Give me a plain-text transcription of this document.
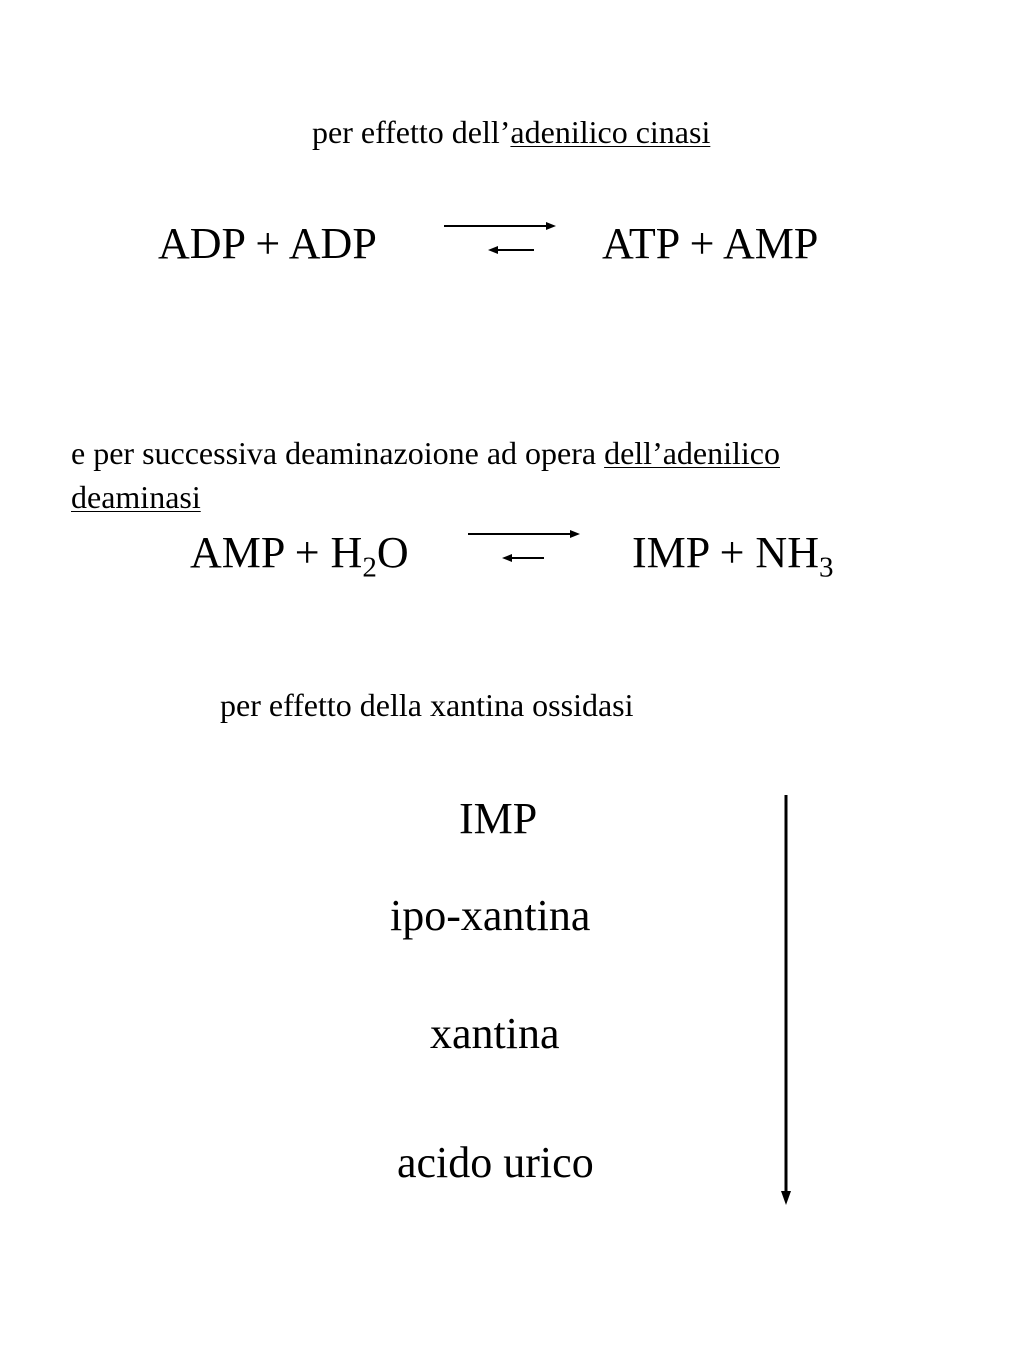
per effetto dell’adenilico cinasi
ADP + ADP	ATP + AMP
e per successiva deaminazoione ad opera dell’adenilico
deaminasi
AMP + $H_2O$	IMP + $NH_3$
per effetto della xantina ossidasi
IMP
ipo-xantina
xantina
acido urico
